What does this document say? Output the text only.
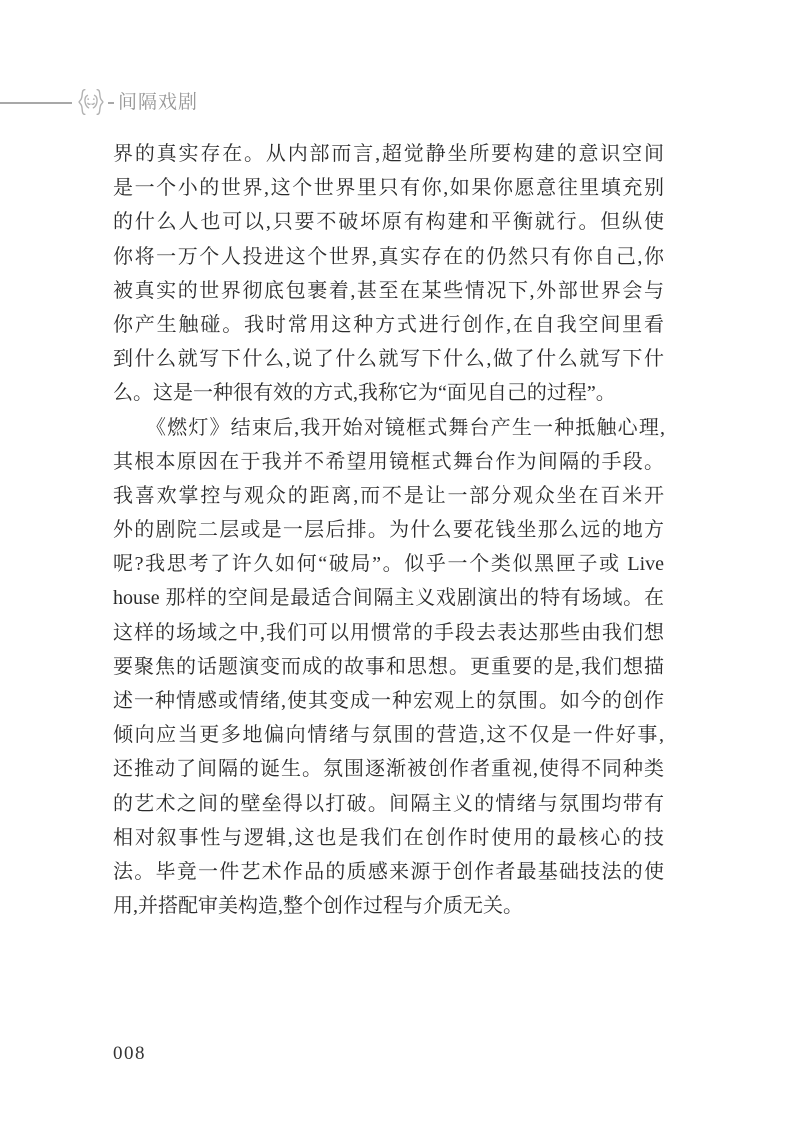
间隔戏剧
界的真实存在。从内部而言,超觉静坐所要构建的意识空间
是一个小的世界,这个世界里只有你,如果你愿意往里填充别
的什么人也可以,只要不破坏原有构建和平衡就行。但纵使
你将一万个人投进这个世界,真实存在的仍然只有你自己,你
被真实的世界彻底包裹着,甚至在某些情况下,外部世界会与
你产生触碰。我时常用这种方式进行创作,在自我空间里看
到什么就写下什么,说了什么就写下什么,做了什么就写下什
么。这是一种很有效的方式,我称它为“面见自己的过程”。
《燃灯》结束后,我开始对镜框式舞台产生一种抵触心理,
其根本原因在于我并不希望用镜框式舞台作为间隔的手段。
我喜欢掌控与观众的距离,而不是让一部分观众坐在百米开
外的剧院二层或是一层后排。为什么要花钱坐那么远的地方
呢?我思考了许久如何“破局”。似乎一个类似黑匣子或 Live
house 那样的空间是最适合间隔主义戏剧演出的特有场域。在
这样的场域之中,我们可以用惯常的手段去表达那些由我们想
要聚焦的话题演变而成的故事和思想。更重要的是,我们想描
述一种情感或情绪,使其变成一种宏观上的氛围。如今的创作
倾向应当更多地偏向情绪与氛围的营造,这不仅是一件好事,
还推动了间隔的诞生。氛围逐渐被创作者重视,使得不同种类
的艺术之间的壁垒得以打破。间隔主义的情绪与氛围均带有
相对叙事性与逻辑,这也是我们在创作时使用的最核心的技
法。毕竟一件艺术作品的质感来源于创作者最基础技法的使
用,并搭配审美构造,整个创作过程与介质无关。
008
